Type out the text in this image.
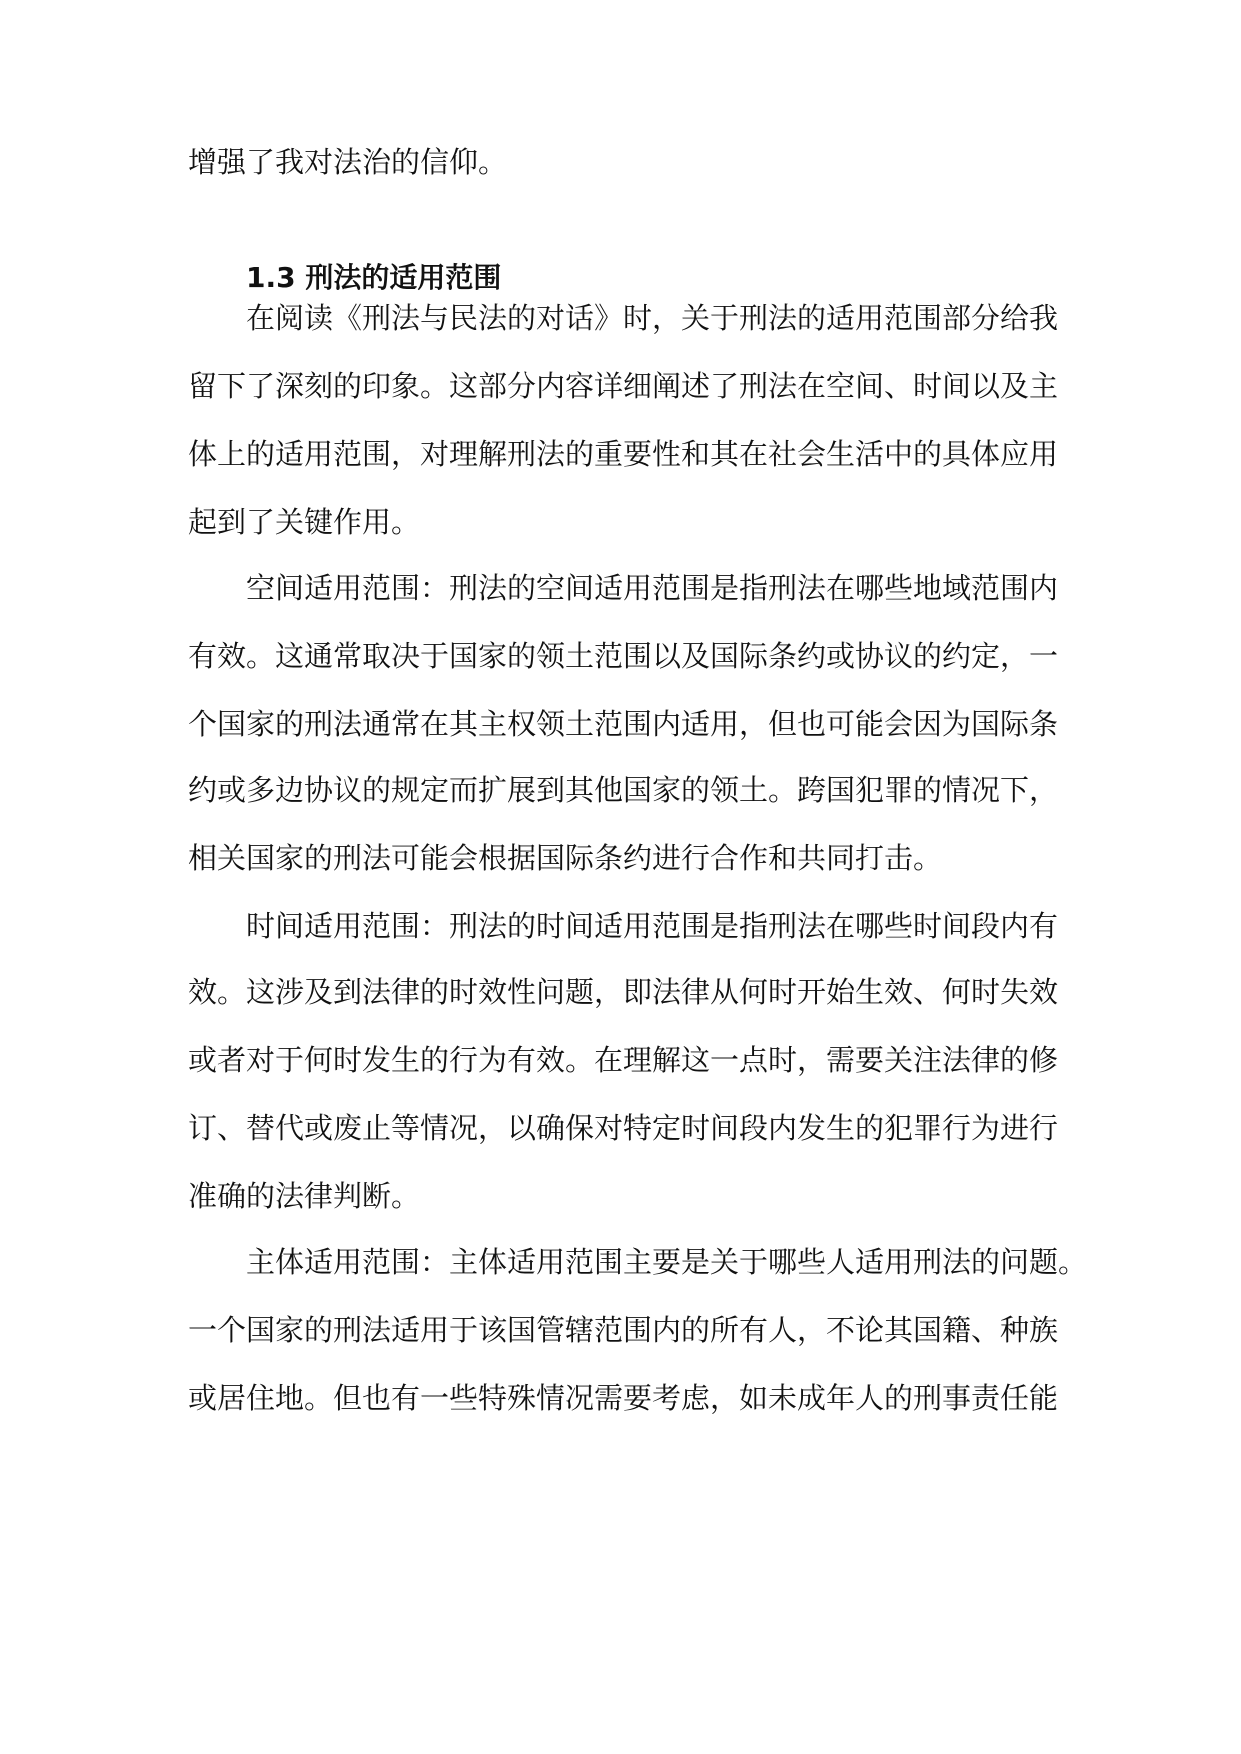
增强了我对法治的信仰。
1.3 刑法的适用范围
在阅读《刑法与民法的对话》时，关于刑法的适用范围部分给我
留下了深刻的印象。这部分内容详细阐述了刑法在空间、时间以及主
体上的适用范围，对理解刑法的重要性和其在社会生活中的具体应用
起到了关键作用。
空间适用范围：刑法的空间适用范围是指刑法在哪些地域范围内
有效。这通常取决于国家的领土范围以及国际条约或协议的约定，一
个国家的刑法通常在其主权领土范围内适用，但也可能会因为国际条
约或多边协议的规定而扩展到其他国家的领土。跨国犯罪的情况下，
相关国家的刑法可能会根据国际条约进行合作和共同打击。
时间适用范围：刑法的时间适用范围是指刑法在哪些时间段内有
效。这涉及到法律的时效性问题，即法律从何时开始生效、何时失效
或者对于何时发生的行为有效。在理解这一点时，需要关注法律的修
订、替代或废止等情况，以确保对特定时间段内发生的犯罪行为进行
准确的法律判断。
主体适用范围：主体适用范围主要是关于哪些人适用刑法的问题。
一个国家的刑法适用于该国管辖范围内的所有人，不论其国籍、种族
或居住地。但也有一些特殊情况需要考虑，如未成年人的刑事责任能
